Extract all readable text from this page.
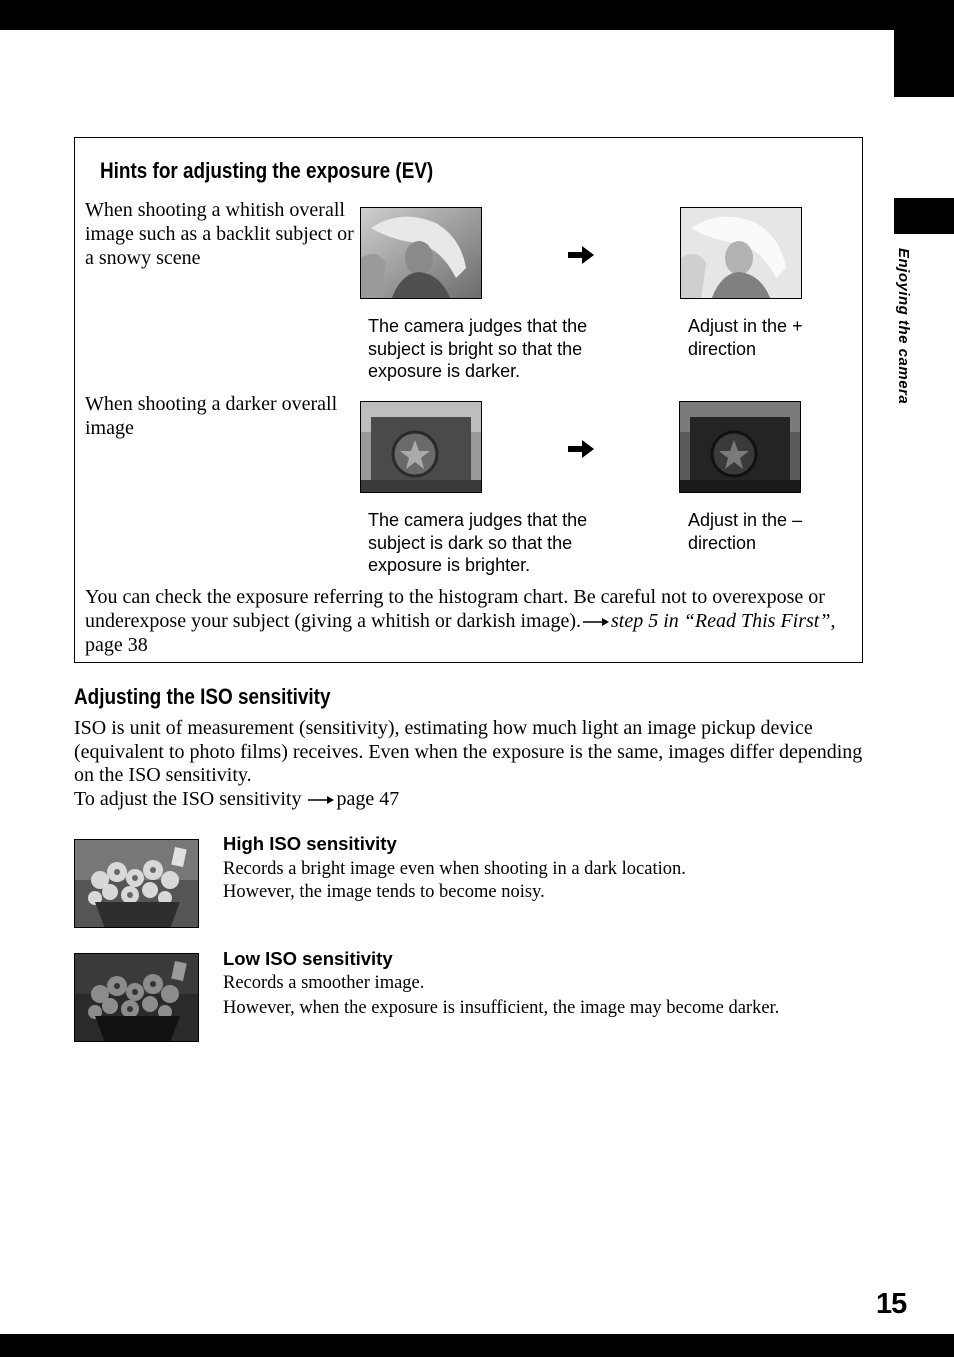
Enjoying the camera
15
Hints for adjusting the exposure (EV)
When shooting a whitish overall image such as a backlit subject or a snowy scene
The camera judges that the subject is bright so that the exposure is darker.
Adjust in the + direction
When shooting a darker overall image
The camera judges that the subject is dark so that the exposure is brighter.
Adjust in the – direction
You can check the exposure referring to the histogram chart. Be careful not to overexpose or underexpose your subject (giving a whitish or darkish image). step 5 in “Read This First”, page 38
Adjusting the ISO sensitivity
ISO is unit of measurement (sensitivity), estimating how much light an image pickup device (equivalent to photo films) receives. Even when the exposure is the same, images differ depending on the ISO sensitivity.
To adjust the ISO sensitivity page 47
High ISO sensitivity
Records a bright image even when shooting in a dark location.
However, the image tends to become noisy.
Low ISO sensitivity
Records a smoother image.
However, when the exposure is insufficient, the image may become darker.
